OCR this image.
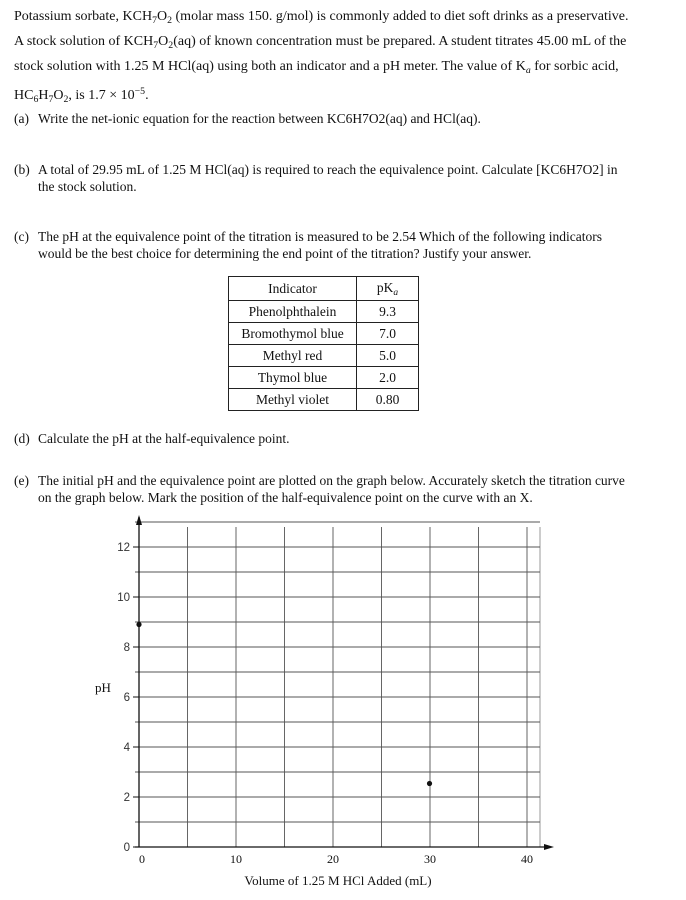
Potassium sorbate, $KCH_7O_2$ (molar mass 150. g/mol) is commonly added to diet soft drinks as a preservative.
A stock solution of $KCH_7O_2(aq)$ of known concentration must be prepared. A student titrates 45.00 mL of the
stock solution with 1.25 M HCl(aq) using both an indicator and a pH meter. The value of $K_a$ for sorbic acid,
$HC_6H_7O_2$, is $1.7 \times 10^{-5}$.
(a) Write the net-ionic equation for the reaction between KC6H7O2(aq) and HCl(aq).
(b) A total of 29.95 mL of 1.25 M HCl(aq) is required to reach the equivalence point. Calculate [KC6H7O2] in
the stock solution.
(c) The pH at the equivalence point of the titration is measured to be 2.54 Which of the following indicators
would be the best choice for determining the end point of the titration? Justify your answer.
Indicator	$pK_a$
Phenolphthalein	9.3
Bromothymol blue	7.0
Methyl red	5.0
Thymol blue	2.0
Methyl violet	0.80
(d) Calculate the pH at the half-equivalence point.
(e) The initial pH and the equivalence point are plotted on the graph below. Accurately sketch the titration curve
on the graph below. Mark the position of the half-equivalence point on the curve with an X.
0
2
4
6
8
10
12
0	10	20	30	40
pH
Volume of 1.25 M HCl Added (mL)
